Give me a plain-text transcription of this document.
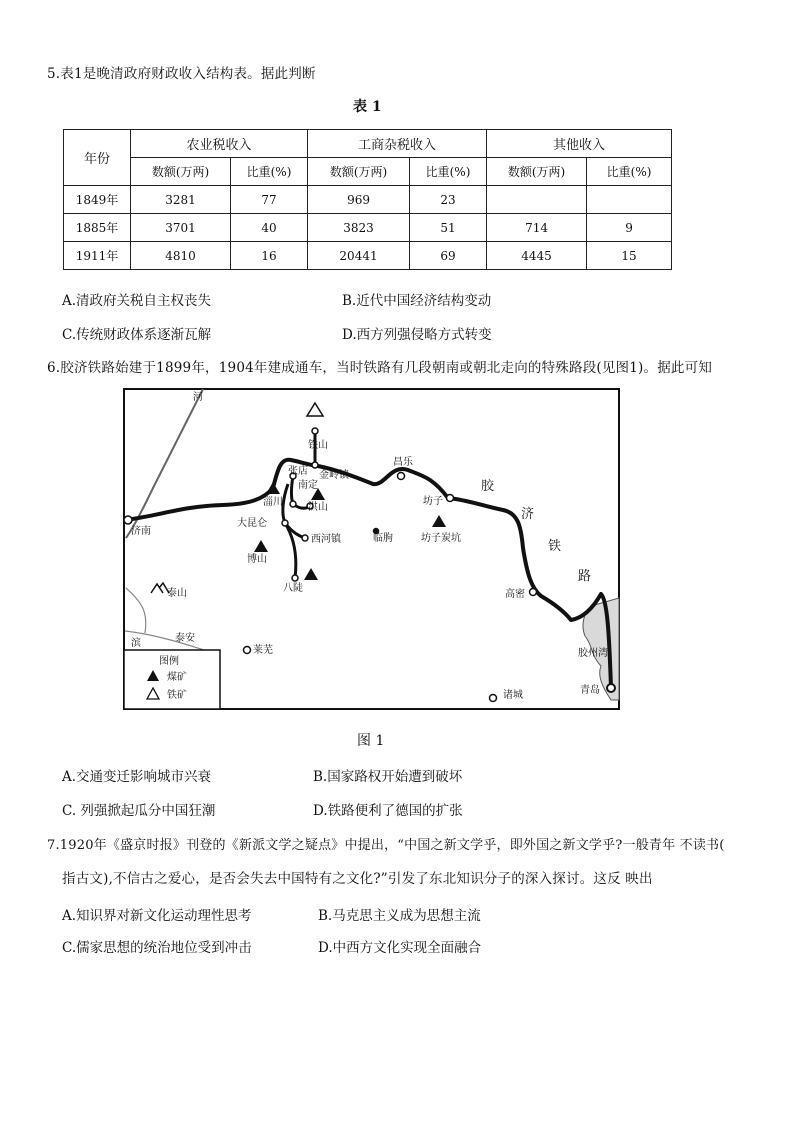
5.表1是晚清政府财政收入结构表。据此判断
表 1
年份	农业税收入		工商杂税收入		其他收入	
	数额(万两)	比重(%)	数额(万两)	比重(%)	数额(万两)	比重(%)
1849年	3281	77	969	23		
1885年	3701	40	3823	51	714	9
1911年	4810	16	20441	69	4445	15
A.清政府关税自主权丧失	B.近代中国经济结构变动
C.传统财政体系逐渐瓦解	D.西方列强侵略方式转变
6.胶济铁路始建于1899年，1904年建成通车，当时铁路有几段朝南或朝北走向的特殊路段(见图1)。据此可知
河
铁山
张店 金岭镇
昌乐
南定
淄川	洪山
大昆仑
西河镇	临朐	坊子炭坑
坊子
博山
八陡
济南
泰山
滨	泰安
莱芜
诸城
高密
胶州湾
青岛
胶
济
铁
路
图例
煤矿
铁矿
图 1
A.交通变迁影响城市兴衰	B.国家路权开始遭到破坏
C. 列强掀起瓜分中国狂潮	D.铁路便利了德国的扩张
7.1920年《盛京时报》刊登的《新派文学之疑点》中提出，“中国之新文学乎，即外国之新文学乎?一般青年 不读书(
指古文),不信古之爱心，是否会失去中国特有之文化?”引发了东北知识分子的深入探讨。这反 映出
A.知识界对新文化运动理性思考	B.马克思主义成为思想主流
C.儒家思想的统治地位受到冲击	D.中西方文化实现全面融合
